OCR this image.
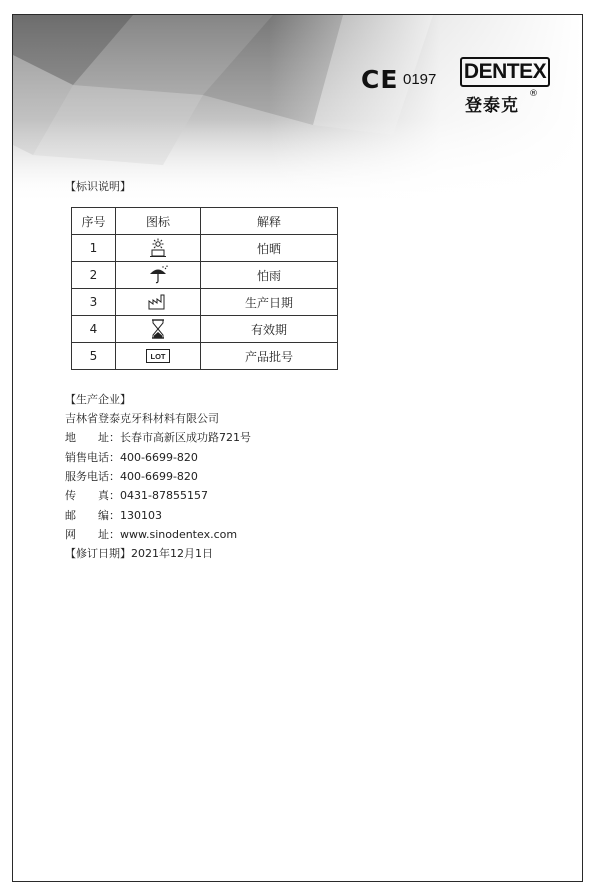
CE 0197 DENTEX
登泰克
®
【标识说明】
序号	图标	解释
1		怕晒
2		怕雨
3		生产日期
4		有效期
5	LOT	产品批号
【生产企业】
吉林省登泰克牙科材料有限公司
地　　址：长春市高新区成功路721号
销售电话：400-6699-820
服务电话：400-6699-820
传　　真：0431-87855157
邮　　编：130103
网　　址：www.sinodentex.com
【修订日期】2021年12月1日
